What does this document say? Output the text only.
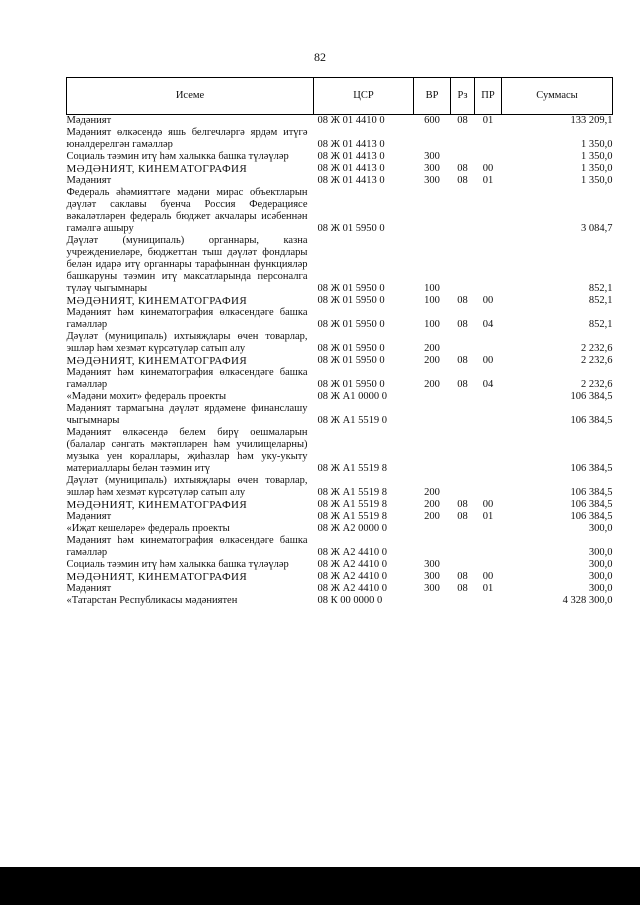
82
Исеме	ЦСР	ВР	Рз	ПР	Суммасы
Мәдәният	08 Ж 01 4410 0	600	08	01	133 209,1
Мәдәният өлкәсендә яшь белгечләргә ярдәм итүгә юнәлдерелгән гамәлләр	08 Ж 01 4413 0				1 350,0
Социаль тәэмин итү һәм халыкка башка түләүләр	08 Ж 01 4413 0	300			1 350,0
МӘДӘНИЯТ, КИНЕМАТОГРАФИЯ	08 Ж 01 4413 0	300	08	00	1 350,0
Мәдәният	08 Ж 01 4413 0	300	08	01	1 350,0
Федераль әһәмияттәге мәдәни мирас объектларын дәүләт саклавы буенча Россия Федерациясе вәкаләтләрен федераль бюджет акчалары исәбеннән гамәлгә ашыру	08 Ж 01 5950 0				3 084,7
Дәүләт (муниципаль) органнары, казна учреждениеләре, бюджеттан тыш дәүләт фондлары белән идарә итү органнары тарафыннан функцияләр башкаруны тәэмин итү максатларында персоналга түләү чыгымнары	08 Ж 01 5950 0	100			852,1
МӘДӘНИЯТ, КИНЕМАТОГРАФИЯ	08 Ж 01 5950 0	100	08	00	852,1
Мәдәният һәм кинематография өлкәсендәге башка гамәлләр	08 Ж 01 5950 0	100	08	04	852,1
Дәүләт (муниципаль) ихтыяҗлары өчен товарлар, эшләр һәм хезмәт күрсәтүләр сатып алу	08 Ж 01 5950 0	200			2 232,6
МӘДӘНИЯТ, КИНЕМАТОГРАФИЯ	08 Ж 01 5950 0	200	08	00	2 232,6
Мәдәният һәм кинематография өлкәсендәге башка гамәлләр	08 Ж 01 5950 0	200	08	04	2 232,6
«Мәдәни мохит» федераль проекты	08 Ж А1 0000 0				106 384,5
Мәдәният тармагына дәүләт ярдәмене финанслашу чыгымнары	08 Ж А1 5519 0				106 384,5
Мәдәният өлкәсендә белем бирү оешмаларын (балалар сәнгать мәктәпләрен һәм училищеларны) музыка уен кораллары, җиһазлар һәм уку-укыту материаллары белән тәэмин итү	08 Ж А1 5519 8				106 384,5
Дәүләт (муниципаль) ихтыяҗлары өчен товарлар, эшләр һәм хезмәт күрсәтүләр сатып алу	08 Ж А1 5519 8	200			106 384,5
МӘДӘНИЯТ, КИНЕМАТОГРАФИЯ	08 Ж А1 5519 8	200	08	00	106 384,5
Мәдәният	08 Ж А1 5519 8	200	08	01	106 384,5
«Иҗат кешеләре» федераль проекты	08 Ж А2 0000 0				300,0
Мәдәният һәм кинематография өлкәсендәге башка гамәлләр	08 Ж А2 4410 0				300,0
Социаль тәэмин итү һәм халыкка башка түләүләр	08 Ж А2 4410 0	300			300,0
МӘДӘНИЯТ, КИНЕМАТОГРАФИЯ	08 Ж А2 4410 0	300	08	00	300,0
Мәдәният	08 Ж А2 4410 0	300	08	01	300,0
«Татарстан Республикасы мәдәниятен	08 К 00 0000 0				4 328 300,0
